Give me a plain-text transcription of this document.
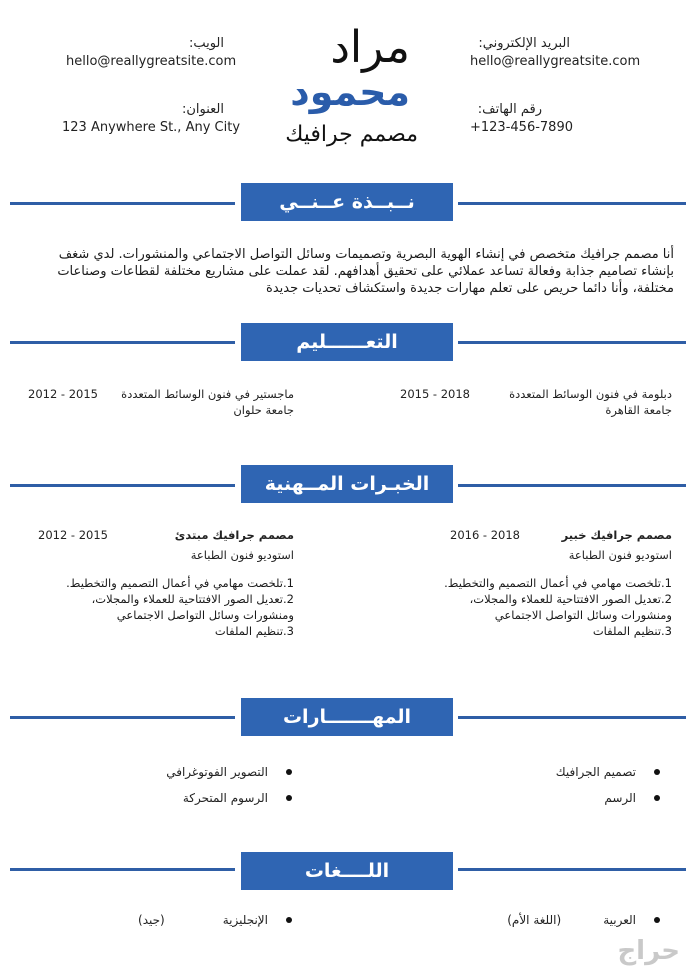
مراد
محمود
مصمم جرافيك
البريد الإلكتروني:
hello@reallygreatsite.com
رقم الهاتف:
+123-456-7890
الويب:
hello@reallygreatsite.com
العنوان:
123 Anywhere St., Any City
نــبــذة عــنــي
أنا مصمم جرافيك متخصص في إنشاء الهوية البصرية وتصميمات وسائل التواصل الاجتماعي والمنشورات. لدي شغف بإنشاء تصاميم جذابة وفعالة تساعد عملائي على تحقيق أهدافهم. لقد عملت على مشاريع مختلفة لقطاعات وصناعات مختلفة، وأنا دائما حريص على تعلم مهارات جديدة واستكشاف تحديات جديدة
التعــــــليم
دبلومة في فنون الوسائط المتعددة
2015 - 2018
جامعة القاهرة
ماجستير في فنون الوسائط المتعددة
2012 - 2015
جامعة حلوان
الخبـرات المــهنية
مصمم جرافيك خبير
2016 - 2018
استوديو فنون الطباعة
1.تلخصت مهامي في أعمال التصميم والتخطيط.
2.تعديل الصور الافتتاحية للعملاء والمجلات،
ومنشورات وسائل التواصل الاجتماعي
3.تنظيم الملفات
مصمم جرافيك مبتدئ
2012 - 2015
استوديو فنون الطباعة
1.تلخصت مهامي في أعمال التصميم والتخطيط.
2.تعديل الصور الافتتاحية للعملاء والمجلات،
ومنشورات وسائل التواصل الاجتماعي
3.تنظيم الملفات
المهـــــــارات
تصميم الجرافيك
الرسم
التصوير الفوتوغرافي
الرسوم المتحركة
اللــــغات
العربية
(اللغة الأم)
الإنجليزية
(جيد)
حراج
